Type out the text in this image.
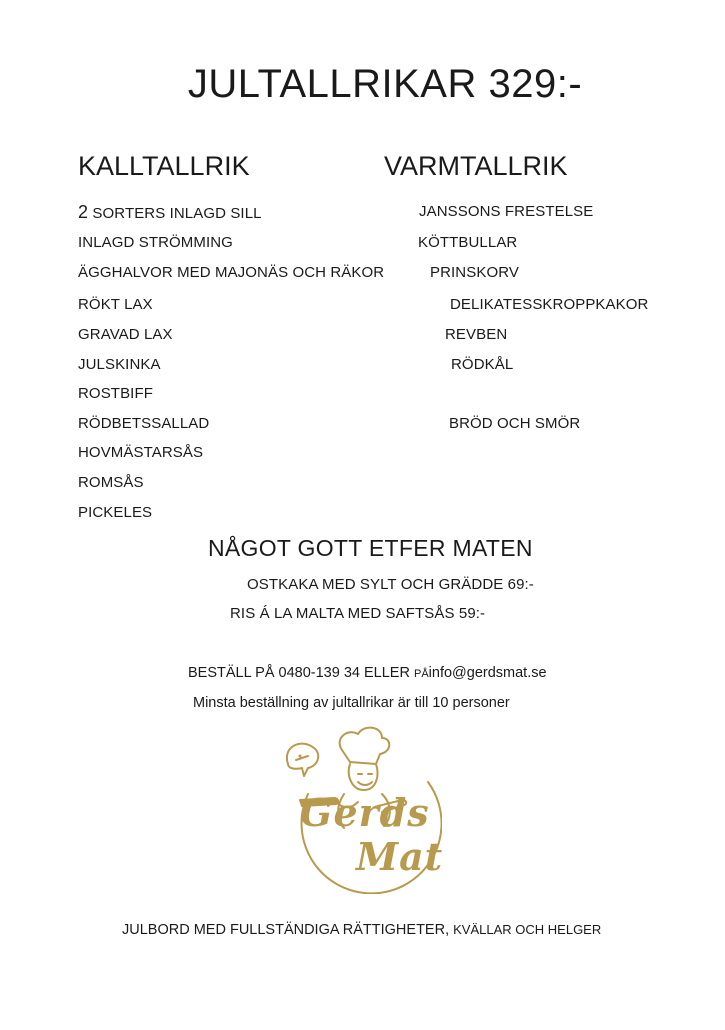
JULTALLRIKAR 329:-
KALLTALLRIK	VARMTALLRIK
2 SORTERS INLAGD SILL
INLAGD STRÖMMING
ÄGGHALVOR MED MAJONÄS OCH RÄKOR
RÖKT LAX
GRAVAD LAX
JULSKINKA
ROSTBIFF
RÖDBETSSALLAD
HOVMÄSTARSÅS
ROMSÅS
PICKELES
JANSSONS FRESTELSE
KÖTTBULLAR
PRINSKORV
DELIKATESSKROPPKAKOR
REVBEN
RÖDKÅL
BRÖD OCH SMÖR
NÅGOT GOTT ETFER MATEN
OSTKAKA MED SYLT OCH GRÄDDE 69:-
RIS Á LA MALTA MED SAFTSÅS 59:-
BESTÄLL PÅ 0480-139 34 ELLER PÅinfo@gerdsmat.se
Minsta beställning av jultallrikar är till 10 personer
Gerds
Mat
JULBORD MED FULLSTÄNDIGA RÄTTIGHETER, KVÄLLAR OCH HELGER
